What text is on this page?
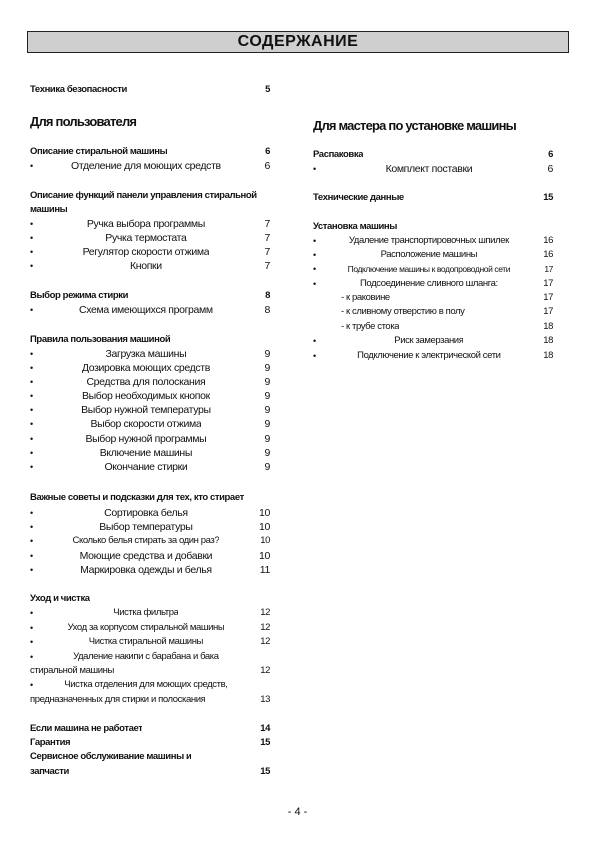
СОДЕРЖАНИЕ
Техника безопасности	5
Для пользователя
Описание стиральной машины	6
• Отделение для моющих средств	6
Описание функций панели управления стиральной
машины
• Ручка выбора программы	7
• Ручка термостата	7
• Регулятор скорости отжима	7
• Кнопки	7
Выбор режима стирки	8
• Схема имеющихся программ	8
Правила пользования машиной
• Загрузка машины	9
• Дозировка моющих средств	9
• Средства для полоскания	9
• Выбор необходимых кнопок	9
• Выбор нужной температуры	9
• Выбор скорости отжима	9
• Выбор нужной программы	9
• Включение машины	9
• Окончание стирки	9
Важные советы и подсказки для тех, кто стирает
• Сортировка белья	10
• Выбор температуры	10
• Сколько белья стирать за один раз?	10
• Моющие средства и добавки	10
• Маркировка одежды и белья	11
Уход и чистка
• Чистка фильтра	12
• Уход за корпусом стиральной машины	12
• Чистка стиральной машины	12
• Удаление накипи с барабана и бака
стиральной машины	12
• Чистка отделения для моющих средств,
предназначенных для стирки и полоскания	13
Если машина не работает	14
Гарантия	15
Сервисное обслуживание машины и
запчасти	15
Для мастера по установке машины
Распаковка	6
• Комплект поставки	6
Технические данные	15
Установка машины
• Удаление транспортировочных шпилек	16
• Расположение машины	16
• Подключение машины к водопроводной сети	17
• Подсоединение сливного шланга:	17
- к раковине	17
- к сливному отверстию в полу	17
- к трубе стока	18
• Риск замерзания	18
• Подключение к электрической сети	18
- 4 -
